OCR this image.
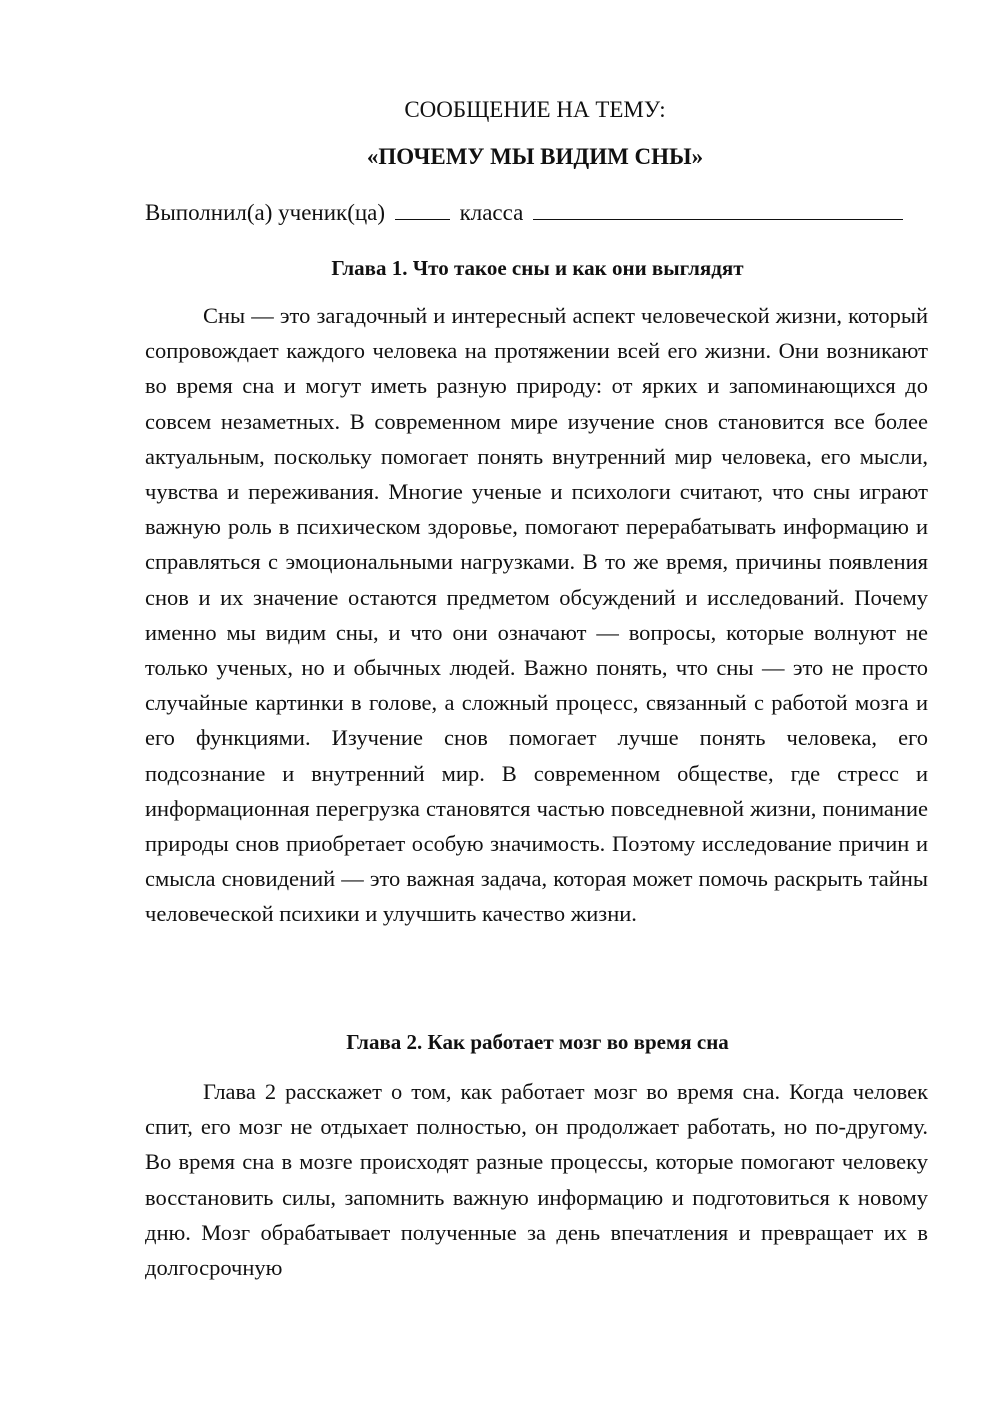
СООБЩЕНИЕ НА ТЕМУ:
«ПОЧЕМУ МЫ ВИДИМ СНЫ»
Выполнил(а) ученик(ца)	класса
Глава 1. Что такое сны и как они выглядят

Сны — это загадочный и интересный аспект человеческой жизни, который сопровождает каждого человека на протяжении всей его жизни. Они возникают во время сна и могут иметь разную природу: от ярких и запоминающихся до совсем незаметных. В современном мире изучение снов становится все более актуальным, поскольку помогает понять внутренний мир человека, его мысли, чувства и переживания. Многие ученые и психологи считают, что сны играют важную роль в психическом здоровье, помогают перерабатывать информацию и справляться с эмоциональными нагрузками. В то же время, причины появления снов и их значение остаются предметом обсуждений и исследований. Почему именно мы видим сны, и что они означают — вопросы, которые волнуют не только ученых, но и обычных людей. Важно понять, что сны — это не просто случайные картинки в голове, а сложный процесс, связанный с работой мозга и его функциями. Изучение снов помогает лучше понять человека, его подсознание и внутренний мир. В современном обществе, где стресс и информационная перегрузка становятся частью повседневной жизни, понимание природы снов приобретает особую значимость. Поэтому исследование причин и смысла сновидений — это важная задача, которая может помочь раскрыть тайны человеческой психики и улучшить качество жизни.

Глава 2. Как работает мозг во время сна

Глава 2 расскажет о том, как работает мозг во время сна. Когда человек спит, его мозг не отдыхает полностью, он продолжает работать, но по-другому. Во время сна в мозге происходят разные процессы, которые помогают человеку восстановить силы, запомнить важную информацию и подготовиться к новому дню. Мозг обрабатывает полученные за день впечатления и превращает их в долгосрочную
